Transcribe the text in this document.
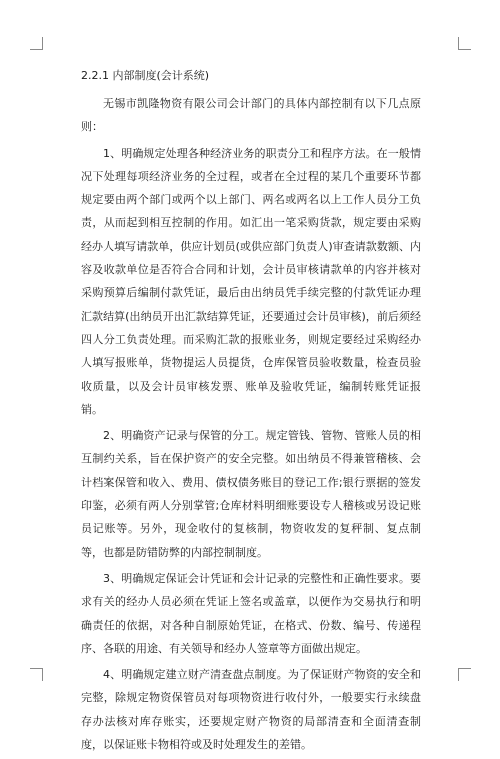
2.2.1 内部制度(会计系统)

无锡市凯隆物资有限公司会计部门的具体内部控制有以下几点原则：

1、明确规定处理各种经济业务的职责分工和程序方法。在一般情况下处理每项经济业务的全过程，或者在全过程的某几个重要环节都规定要由两个部门或两个以上部门、两名或两名以上工作人员分工负责，从而起到相互控制的作用。如汇出一笔采购货款，规定要由采购经办人填写请款单，供应计划员(或供应部门负责人)审查请款数额、内容及收款单位是否符合合同和计划，会计员审核请款单的内容并核对采购预算后编制付款凭证，最后由出纳员凭手续完整的付款凭证办理汇款结算(出纳员开出汇款结算凭证，还要通过会计员审核)，前后须经四人分工负责处理。而采购汇款的报账业务，则规定要经过采购经办人填写报账单，货物提运人员提货，仓库保管员验收数量，检查员验收质量，以及会计员审核发票、账单及验收凭证，编制转账凭证报销。

2、明确资产记录与保管的分工。规定管钱、管物、管账人员的相互制约关系，旨在保护资产的安全完整。如出纳员不得兼管稽核、会计档案保管和收入、费用、债权债务账目的登记工作;银行票据的签发印鉴，必须有两人分别掌管;仓库材料明细账要设专人稽核或另设记账员记账等。另外，现金收付的复核制，物资收发的复秤制、复点制等，也都是防错防弊的内部控制制度。

3、明确规定保证会计凭证和会计记录的完整性和正确性要求。要求有关的经办人员必须在凭证上签名或盖章，以便作为交易执行和明确责任的依据，对各种自制原始凭证，在格式、份数、编号、传递程序、各联的用途、有关领导和经办人签章等方面做出规定。

4、明确规定建立财产清查盘点制度。为了保证财产物资的安全和完整，除规定物资保管员对每项物资进行收付外，一般要实行永续盘存办法核对库存账实，还要规定财产物资的局部清查和全面清查制度，以保证账卡物相符或及时处理发生的差错。
